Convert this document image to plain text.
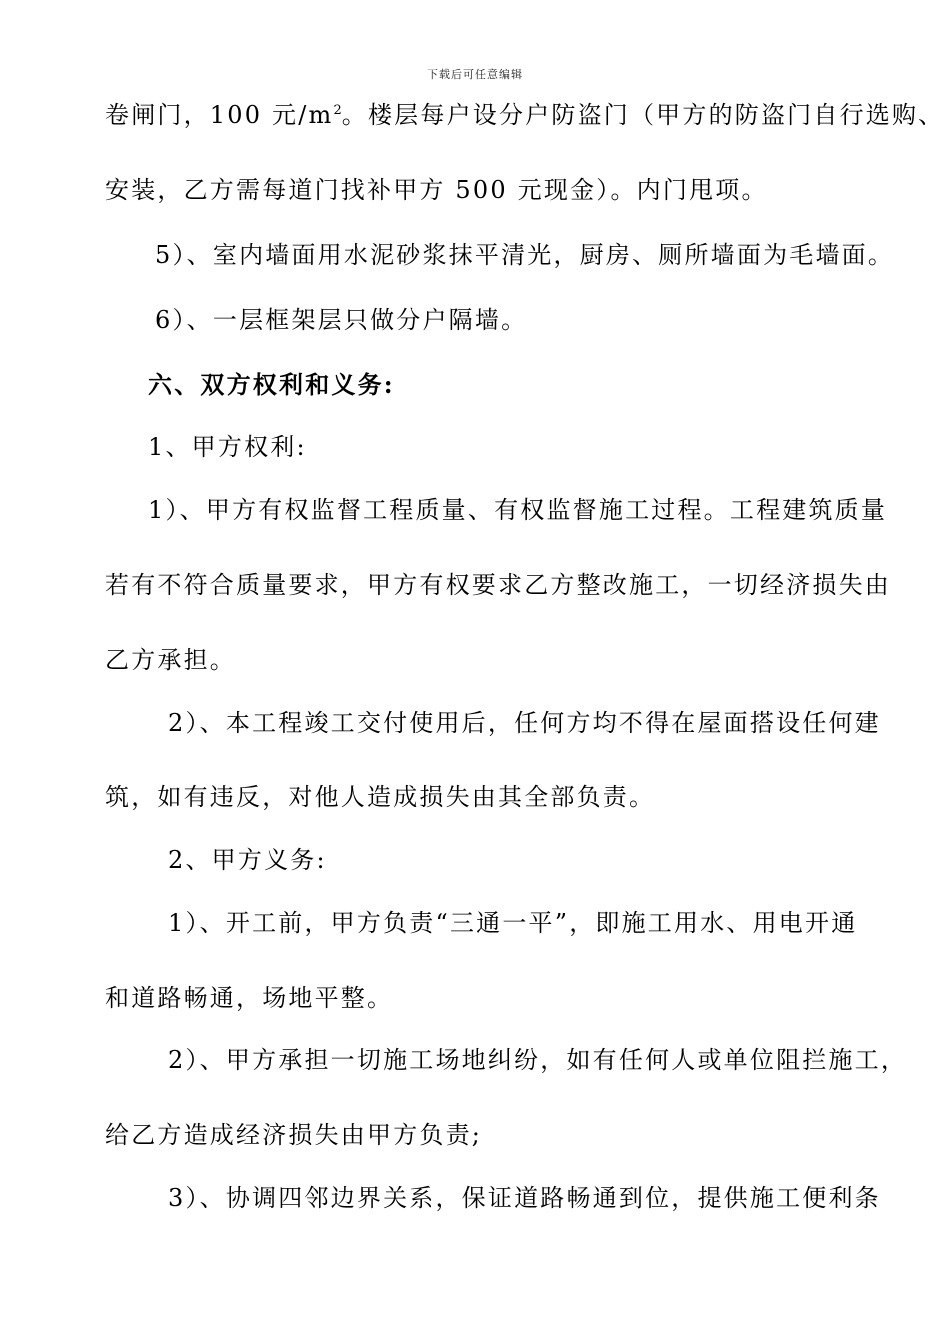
下载后可任意编辑
卷闸门，100 元$/m^2$。楼层每户设分户防盗门（甲方的防盗门自行选购、
安装，乙方需每道门找补甲方 500 元现金）。内门甩项。
5）、室内墙面用水泥砂浆抹平清光，厨房、厕所墙面为毛墙面。
6）、一层框架层只做分户隔墙。
六、双方权利和义务:
1、甲方权利:
1）、甲方有权监督工程质量、有权监督施工过程。工程建筑质量
若有不符合质量要求，甲方有权要求乙方整改施工，一切经济损失由
乙方承担。
2）、本工程竣工交付使用后，任何方均不得在屋面搭设任何建
筑，如有违反，对他人造成损失由其全部负责。
2、甲方义务:
1）、开工前，甲方负责“三通一平”，即施工用水、用电开通
和道路畅通，场地平整。
2）、甲方承担一切施工场地纠纷，如有任何人或单位阻拦施工，
给乙方造成经济损失由甲方负责;
3）、协调四邻边界关系，保证道路畅通到位，提供施工便利条
